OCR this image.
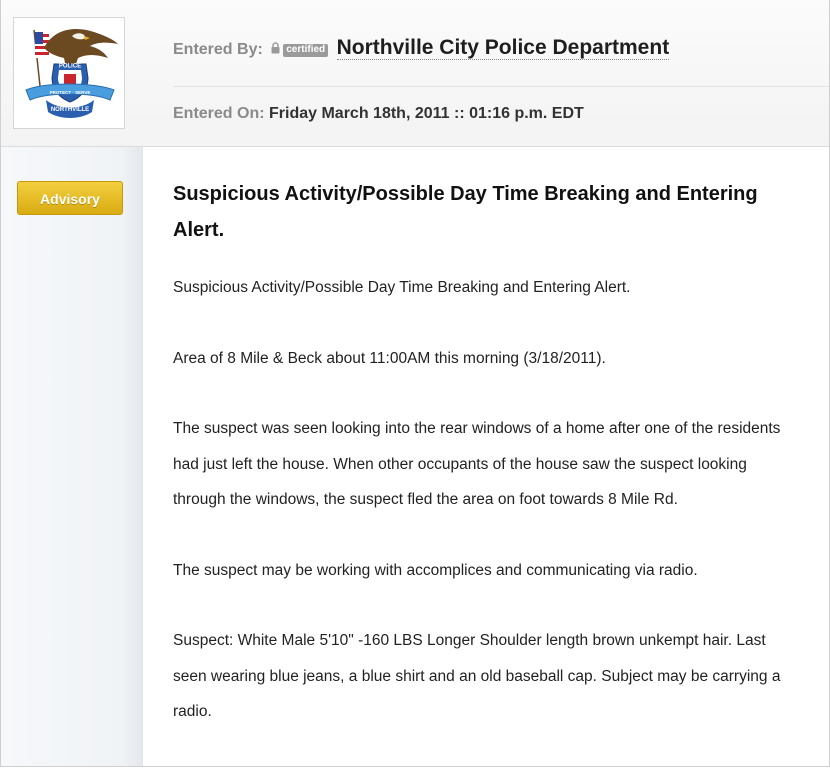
POLICE
PROTECT · SERVE
NORTHVILLE
Entered By: certified Northville City Police Department
Entered On: Friday March 18th, 2011 :: 01:16 p.m. EDT
Advisory	Suspicious Activity/Possible Day Time Breaking and Entering Alert.

Suspicious Activity/Possible Day Time Breaking and Entering Alert.

Area of 8 Mile & Beck about 11:00AM this morning (3/18/2011).

The suspect was seen looking into the rear windows of a home after one of the residents had just left the house. When other occupants of the house saw the suspect looking through the windows, the suspect fled the area on foot towards 8 Mile Rd.

The suspect may be working with accomplices and communicating via radio.

Suspect: White Male 5'10" -160 LBS Longer Shoulder length brown unkempt hair. Last seen wearing blue jeans, a blue shirt and an old baseball cap. Subject may be carrying a radio.
